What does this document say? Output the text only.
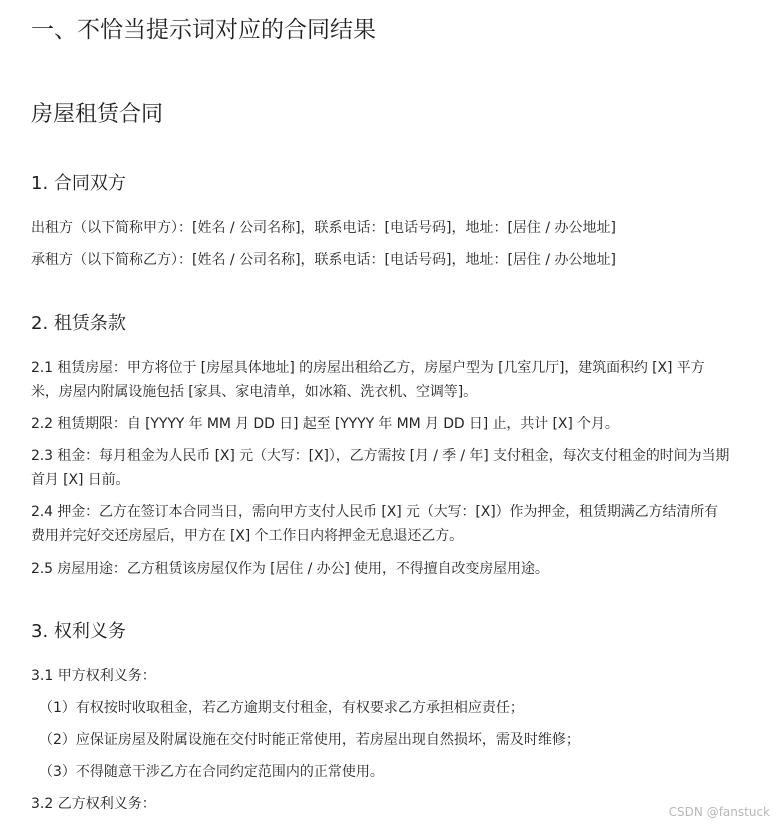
一、不恰当提示词对应的合同结果
房屋租赁合同
1. 合同双方
出租方（以下简称甲方）：[姓名 / 公司名称]，联系电话：[电话号码]，地址：[居住 / 办公地址]
承租方（以下简称乙方）：[姓名 / 公司名称]，联系电话：[电话号码]，地址：[居住 / 办公地址]
2. 租赁条款
2.1 租赁房屋：甲方将位于 [房屋具体地址] 的房屋出租给乙方，房屋户型为 [几室几厅]，建筑面积约 [X] 平方米，房屋内附属设施包括 [家具、家电清单，如冰箱、洗衣机、空调等]。
2.2 租赁期限：自 [YYYY 年 MM 月 DD 日] 起至 [YYYY 年 MM 月 DD 日] 止，共计 [X] 个月。
2.3 租金：每月租金为人民币 [X] 元（大写：[X]），乙方需按 [月 / 季 / 年] 支付租金，每次支付租金的时间为当期首月 [X] 日前。
2.4 押金：乙方在签订本合同当日，需向甲方支付人民币 [X] 元（大写：[X]）作为押金，租赁期满乙方结清所有费用并完好交还房屋后，甲方在 [X] 个工作日内将押金无息退还乙方。
2.5 房屋用途：乙方租赁该房屋仅作为 [居住 / 办公] 使用，不得擅自改变房屋用途。
3. 权利义务
3.1 甲方权利义务：
（1）有权按时收取租金，若乙方逾期支付租金，有权要求乙方承担相应责任；
（2）应保证房屋及附属设施在交付时能正常使用，若房屋出现自然损坏，需及时维修；
（3）不得随意干涉乙方在合同约定范围内的正常使用。
3.2 乙方权利义务：	CSDN @fanstuck
